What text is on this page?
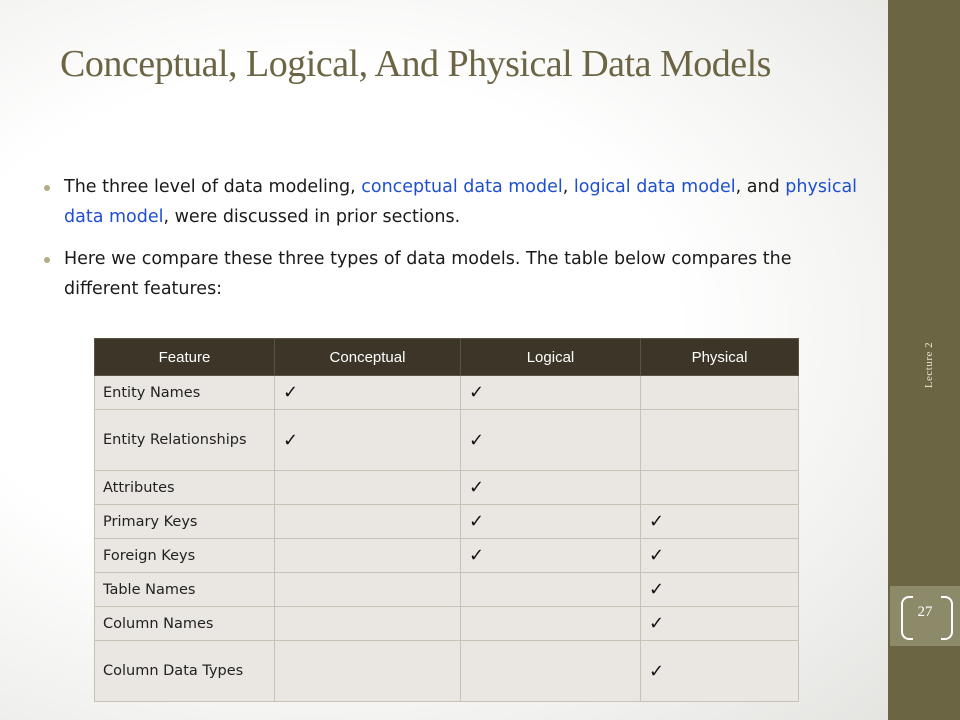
Lecture 2
27
Conceptual, Logical, And Physical Data Models
The three level of data modeling, conceptual data model, logical data model, and physical data model, were discussed in prior sections.
Here we compare these three types of data models. The table below compares the different features:
Feature	Conceptual	Logical	Physical
Entity Names	✓	✓	
Entity Relationships	✓	✓	
Attributes		✓	
Primary Keys		✓	✓
Foreign Keys		✓	✓
Table Names			✓
Column Names			✓
Column Data Types			✓
